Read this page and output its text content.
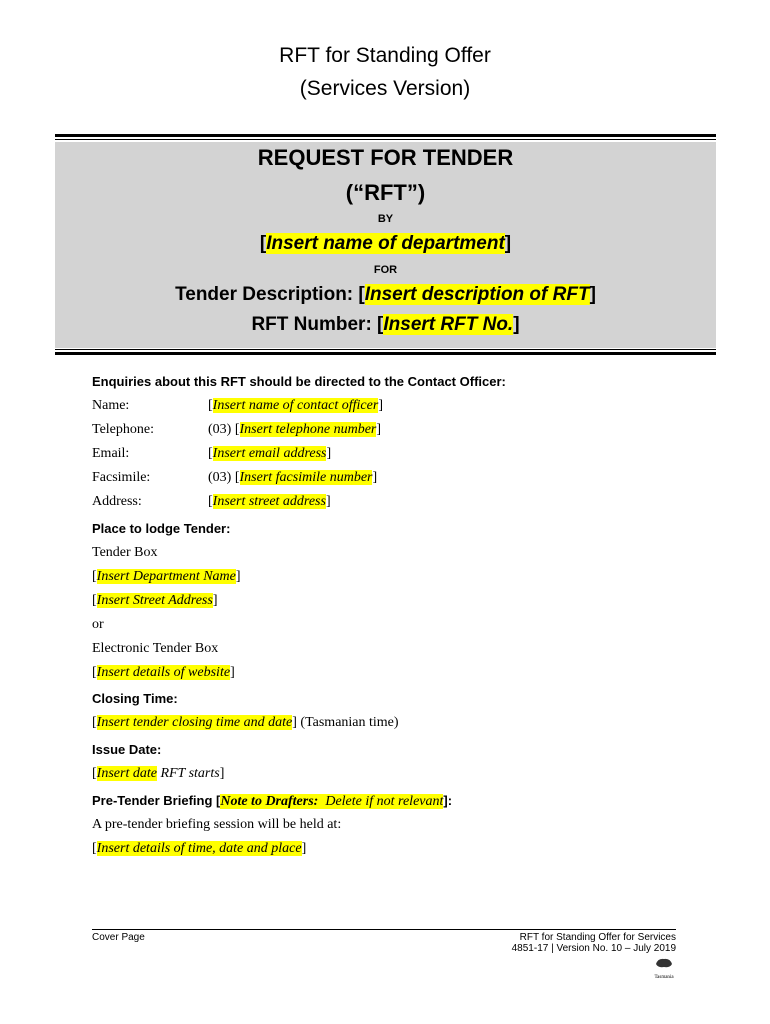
RFT for Standing Offer
(Services Version)
REQUEST FOR TENDER
(“RFT”)
BY
[Insert name of department]
FOR
Tender Description: [Insert description of RFT]
RFT Number: [Insert RFT No.]
Enquiries about this RFT should be directed to the Contact Officer:
Name:	[Insert name of contact officer]
Telephone:	(03) [Insert telephone number]
Email:	[Insert email address]
Facsimile:	(03) [Insert facsimile number]
Address:	[Insert street address]
Place to lodge Tender:
Tender Box
[Insert Department Name]
[Insert Street Address]
or
Electronic Tender Box
[Insert details of website]
Closing Time:
[Insert tender closing time and date] (Tasmanian time)
Issue Date:
[Insert date RFT starts]
Pre-Tender Briefing [Note to Drafters:  Delete if not relevant]:
A pre-tender briefing session will be held at:
[Insert details of time, date and place]
Cover Page	RFT for Standing Offer for Services
4851-17 | Version No. 10 – July 2019
Tasmania
